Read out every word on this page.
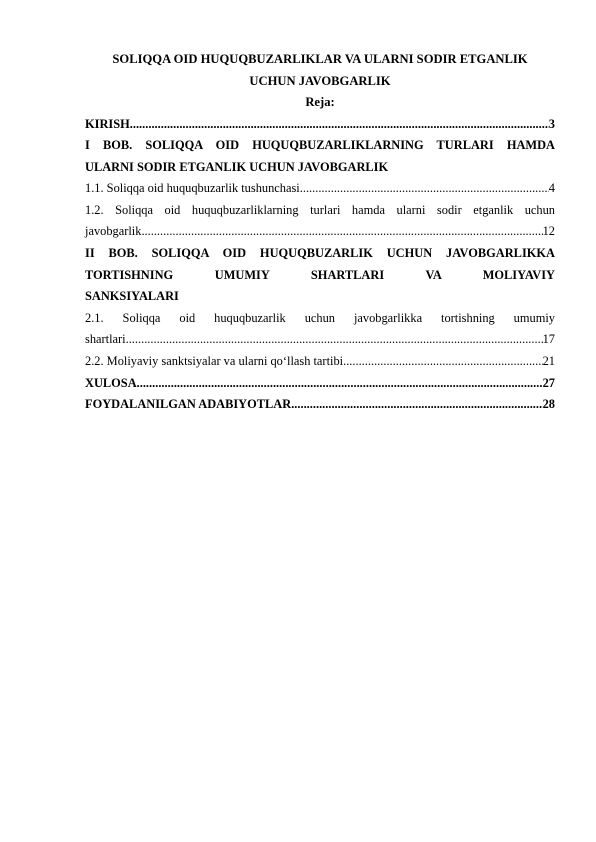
SOLIQQA OID HUQUQBUZARLIKLAR VA ULARNI SODIR ETGANLIK
UCHUN JAVOBGARLIK
Reja:
KIRISH .....	3
I BOB. SOLIQQA OID HUQUQBUZARLIKLARNING TURLARI HAMDA
ULARNI SODIR ETGANLIK UCHUN JAVOBGARLIK
1.1. Soliqqa oid huquqbuzarlik tushunchasi .....	4
1.2. Soliqqa oid huquqbuzarliklarning turlari hamda ularni sodir etganlik uchun
javobgarlik .....	12
II BOB. SOLIQQA OID HUQUQBUZARLIK UCHUN JAVOBGARLIKKA
TORTISHNING UMUMIY SHARTLARI VA MOLIYAVIY
SANKSIYALARI
2.1. Soliqqa oid huquqbuzarlik uchun javobgarlikka tortishning umumiy
shartlari .....	17
2.2. Moliyaviy sanktsiyalar va ularni qo‘llash tartibi .....	21
XULOSA .....	27
FOYDALANILGAN ADABIYOTLAR .....	28
